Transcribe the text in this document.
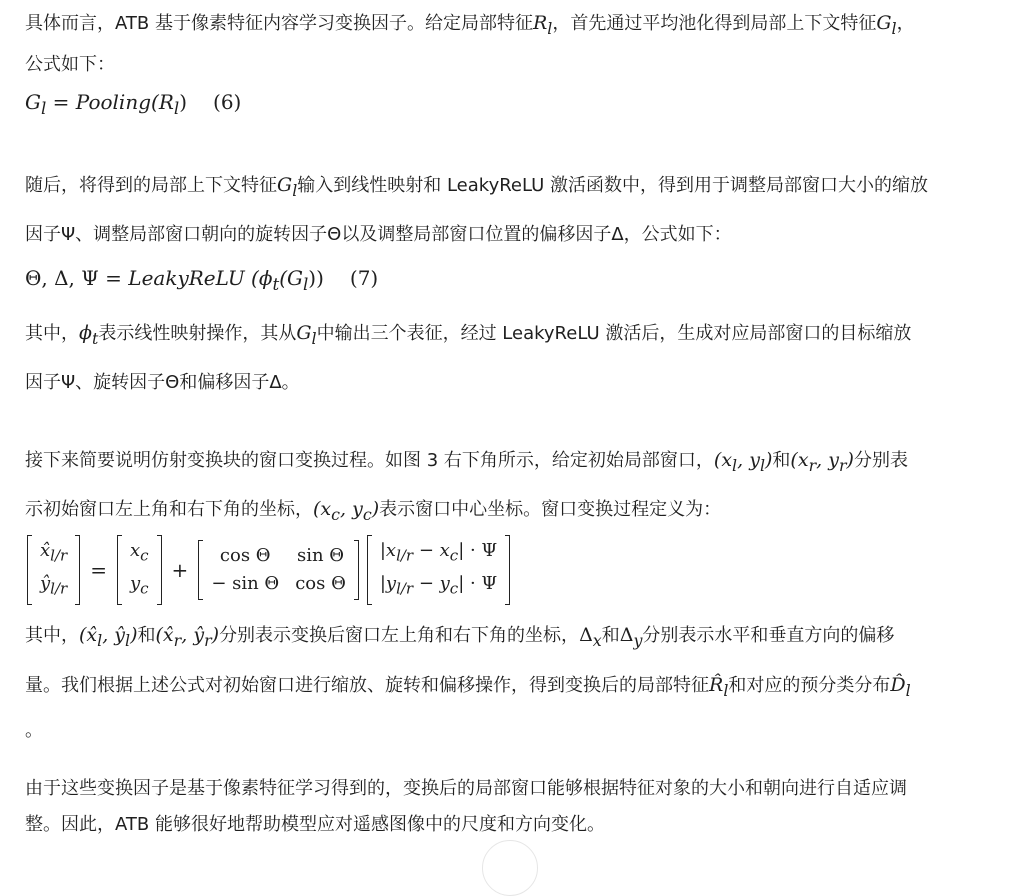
具体而言，ATB 基于像素特征内容学习变换因子。给定局部特征$R_l$，首先通过平均池化得到局部上下文特征$G_l$，
公式如下：
$G_l$ = $Pooling(R_l)$ (6)
随后，将得到的局部上下文特征$G_l$输入到线性映射和 LeakyReLU 激活函数中，得到用于调整局部窗口大小的缩放
因子Ψ、调整局部窗口朝向的旋转因子Θ以及调整局部窗口位置的偏移因子Δ，公式如下：
Θ, Δ, Ψ = LeakyReLU $(\phi_t(G_l))$ (7)
其中，$\phi_t$表示线性映射操作，其从$G_l$中输出三个表征，经过 LeakyReLU 激活后，生成对应局部窗口的目标缩放
因子Ψ、旋转因子Θ和偏移因子Δ。
接下来简要说明仿射变换块的窗口变换过程。如图 3 右下角所示，给定初始局部窗口，($x_l$, $y_l$)和($x_r$, $y_r$)分别表
示初始窗口左上角和右下角的坐标，($x_c$, $y_c$)表示窗口中心坐标。窗口变换过程定义为：
$x̂_{l/r}$
$ŷ_{l/r}$
=
$x_c$
$y_c$
+
cos Θ	sin Θ
− sin Θ	cos Θ
$|x_{l/r} - x_c| \cdot \Psi$
$|y_{l/r} - y_c| \cdot \Psi$
其中，($x̂_l$, $ŷ_l$)和($x̂_r$, $ŷ_r$)分别表示变换后窗口左上角和右下角的坐标，$\Delta_x$和$\Delta_y$分别表示水平和垂直方向的偏移
量。我们根据上述公式对初始窗口进行缩放、旋转和偏移操作，得到变换后的局部特征$R̂_l$和对应的预分类分布$D̂_l$
。
由于这些变换因子是基于像素特征学习得到的，变换后的局部窗口能够根据特征对象的大小和朝向进行自适应调
整。因此，ATB 能够很好地帮助模型应对遥感图像中的尺度和方向变化。
